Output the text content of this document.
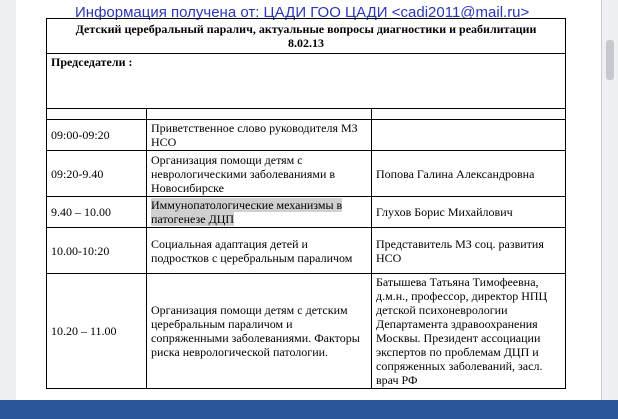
Информация получена от: ЦАДИ ГОО ЦАДИ <cadi2011@mail.ru>
Детский церебральный паралич, актуальные вопросы диагностики и реабилитации
8.02.13		

Председатели :		

09:00-09:20	Приветственное слово руководителя МЗ НСО	
09:20-9.40	Организация помощи детям с неврологическими заболеваниями в Новосибирске	Попова Галина Александровна
9.40 – 10.00	Иммунопатологические механизмы в патогенезе ДЦП	Глухов Борис Михайлович
10.00-10:20	Социальная адаптация детей и подростков с церебральным параличом	Представитель МЗ соц. развития НСО
10.20 – 11.00	Организация помощи детям с детским церебральным параличом и сопряженными заболеваниями. Факторы риска неврологической патологии.	Батышева Татьяна Тимофеевна, д.м.н., профессор, директор НПЦ детской психоневрологии Департамента здравоохранения Москвы. Президент ассоциации экспертов по проблемам ДЦП и сопряженных заболеваний, засл. врач РФ
